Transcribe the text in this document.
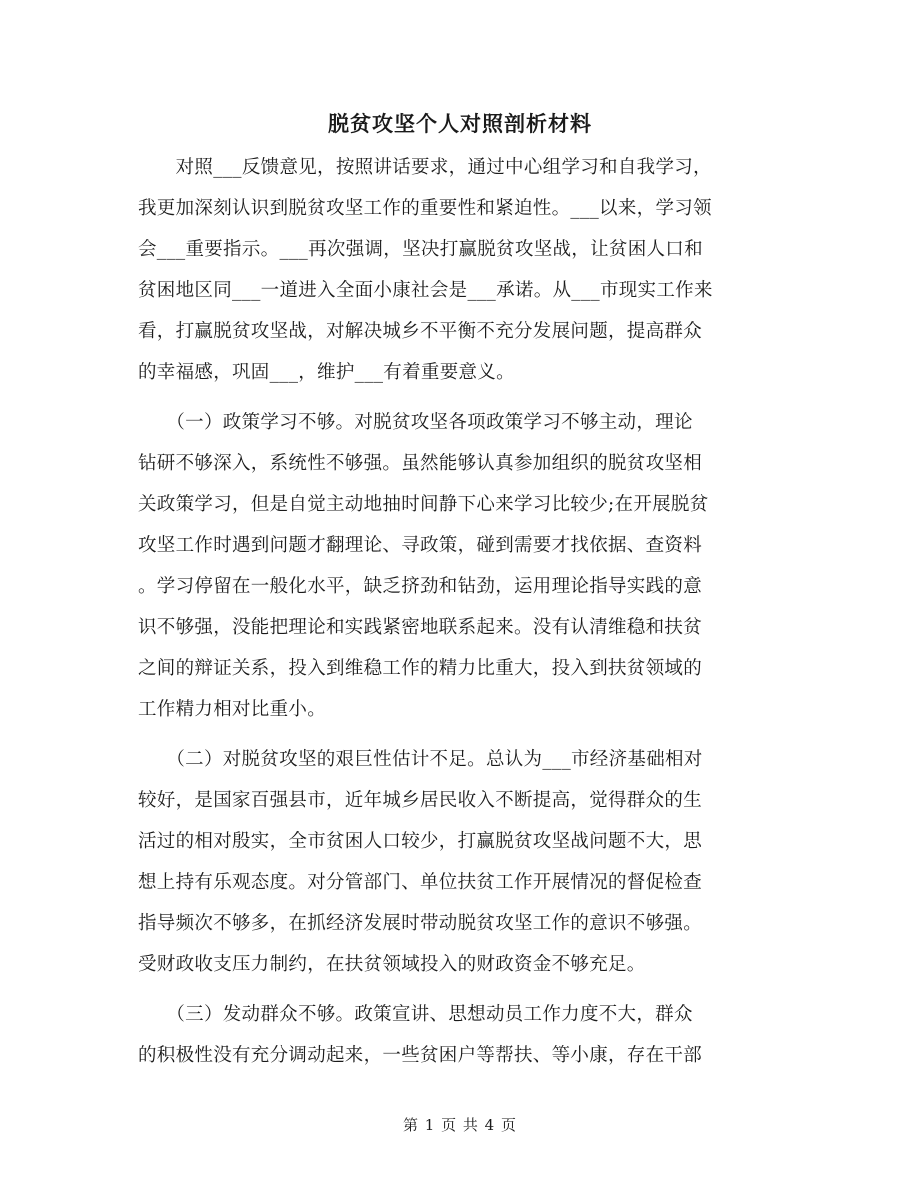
脱贫攻坚个人对照剖析材料
　　对照___反馈意见，按照讲话要求，通过中心组学习和自我学习，
我更加深刻认识到脱贫攻坚工作的重要性和紧迫性。___以来，学习领
会___重要指示。___再次强调，坚决打赢脱贫攻坚战，让贫困人口和
贫困地区同___一道进入全面小康社会是___承诺。从___市现实工作来
看，打赢脱贫攻坚战，对解决城乡不平衡不充分发展问题，提高群众
的幸福感，巩固___，维护___有着重要意义。
　　（一）政策学习不够。对脱贫攻坚各项政策学习不够主动，理论
钻研不够深入，系统性不够强。虽然能够认真参加组织的脱贫攻坚相
关政策学习，但是自觉主动地抽时间静下心来学习比较少;在开展脱贫
攻坚工作时遇到问题才翻理论、寻政策，碰到需要才找依据、查资料
。学习停留在一般化水平，缺乏挤劲和钻劲，运用理论指导实践的意
识不够强，没能把理论和实践紧密地联系起来。没有认清维稳和扶贫
之间的辩证关系，投入到维稳工作的精力比重大，投入到扶贫领域的
工作精力相对比重小。
　　（二）对脱贫攻坚的艰巨性估计不足。总认为___市经济基础相对
较好，是国家百强县市，近年城乡居民收入不断提高，觉得群众的生
活过的相对殷实，全市贫困人口较少，打赢脱贫攻坚战问题不大，思
想上持有乐观态度。对分管部门、单位扶贫工作开展情况的督促检查
指导频次不够多，在抓经济发展时带动脱贫攻坚工作的意识不够强。
受财政收支压力制约，在扶贫领域投入的财政资金不够充足。
　　（三）发动群众不够。政策宣讲、思想动员工作力度不大，群众
的积极性没有充分调动起来，一些贫困户等帮扶、等小康，存在干部
第 1 页 共 4 页
